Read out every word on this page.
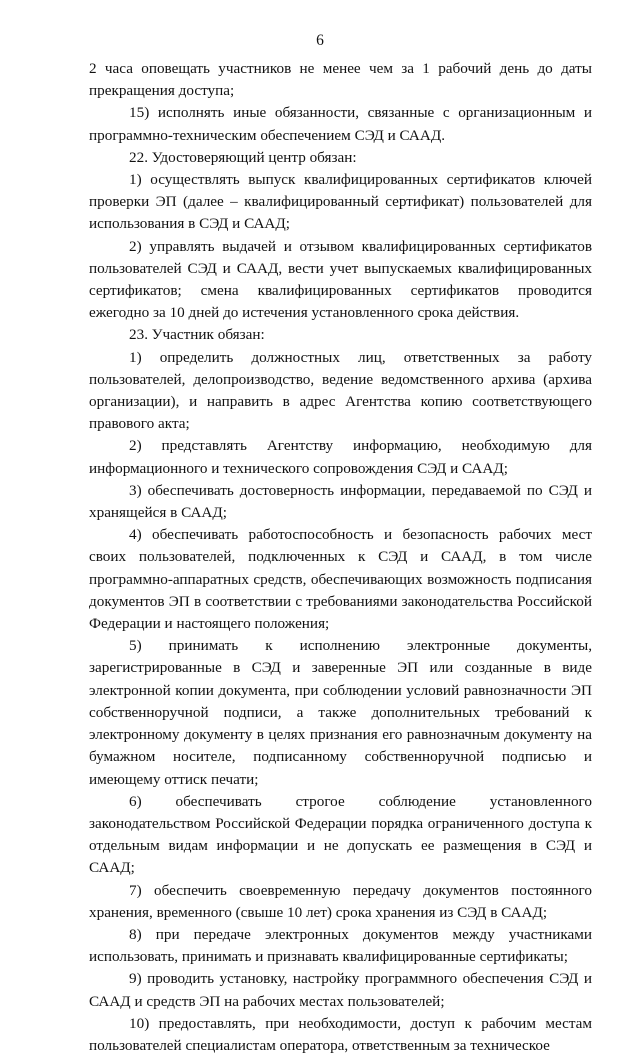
6

2 часа оповещать участников не менее чем за 1 рабочий день до даты прекращения доступа;

15) исполнять иные обязанности, связанные с организационным и программно-техническим обеспечением СЭД и СААД.

22. Удостоверяющий центр обязан:

1) осуществлять выпуск квалифицированных сертификатов ключей проверки ЭП (далее – квалифицированный сертификат) пользователей для использования в СЭД и СААД;

2) управлять выдачей и отзывом квалифицированных сертификатов пользователей СЭД и СААД, вести учет выпускаемых квалифицированных сертификатов; смена квалифицированных сертификатов проводится ежегодно за 10 дней до истечения установленного срока действия.

23. Участник обязан:

1) определить должностных лиц, ответственных за работу пользователей, делопроизводство, ведение ведомственного архива (архива организации), и направить в адрес Агентства копию соответствующего правового акта;

2) представлять Агентству информацию, необходимую для информационного и технического сопровождения СЭД и СААД;

3) обеспечивать достоверность информации, передаваемой по СЭД и хранящейся в СААД;

4) обеспечивать работоспособность и безопасность рабочих мест своих пользователей, подключенных к СЭД и СААД, в том числе программно-аппаратных средств, обеспечивающих возможность подписания документов ЭП в соответствии с требованиями законодательства Российской Федерации и настоящего положения;

5) принимать к исполнению электронные документы, зарегистрированные в СЭД и заверенные ЭП или созданные в виде электронной копии документа, при соблюдении условий равнозначности ЭП собственноручной подписи, а также дополнительных требований к электронному документу в целях признания его равнозначным документу на бумажном носителе, подписанному собственноручной подписью и имеющему оттиск печати;

6) обеспечивать строгое соблюдение установленного законодательством Российской Федерации порядка ограниченного доступа к отдельным видам информации и не допускать ее размещения в СЭД и СААД;

7) обеспечить своевременную передачу документов постоянного хранения, временного (свыше 10 лет) срока хранения из СЭД в СААД;

8) при передаче электронных документов между участниками использовать, принимать и признавать квалифицированные сертификаты;

9) проводить установку, настройку программного обеспечения СЭД и СААД и средств ЭП на рабочих местах пользователей;

10) предоставлять, при необходимости, доступ к рабочим местам пользователей специалистам оператора, ответственным за техническое
